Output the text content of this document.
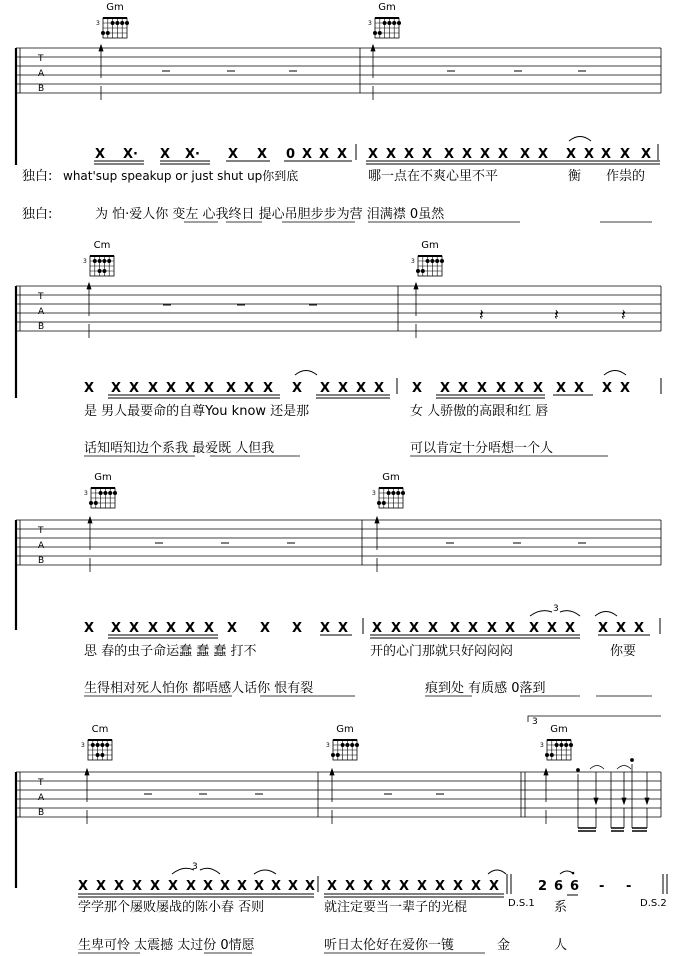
Gm
3
Gm
3
T
A
B
X X· X X· X X 0 X X X X X X X X X X X X X X X X X X
独白: what'sup speakup or just shut up你到底	哪一点在不爽心里不平	衡 作祟的
独白:	为 怕·爱人你 变左 心我终日 提心吊胆步步为营 泪满襟 0虽然
Cm
3
Gm
3
T
A
B
𝄽	𝄽	𝄽
X X X X X X X X X X X X X X X X X X X X X X X X X X
是 男人最要命的自尊You know 还是那	女 人骄傲的高跟和红 唇
话知唔知边个系我 最爱既 人但我	可以肯定十分唔想一个人
Gm
3
Gm
3
T
A
B
X X X X X X X X X X X X X X X X X X X X X X X X X X
3
思 春的虫子命运蠢 蠢 蠢 打不	开的心门那就只好闷闷闷	你要
生得相对死人怕你 都唔感人话你 恨有裂	痕到处 有质感 0落到
3
Cm
3
Gm
3
Gm
3
T
A
B
X X X X X X X X X X X X X X X X X X X X X X X X
3
2 6 6 - -
D.S.1	D.S.2
学学那个屡败屡战的陈小春 否则	就注定要当一辈子的光棍	系
生卑可怜 太震撼 太过份 0情愿	听日太伦好在爱你一镬	金	人
